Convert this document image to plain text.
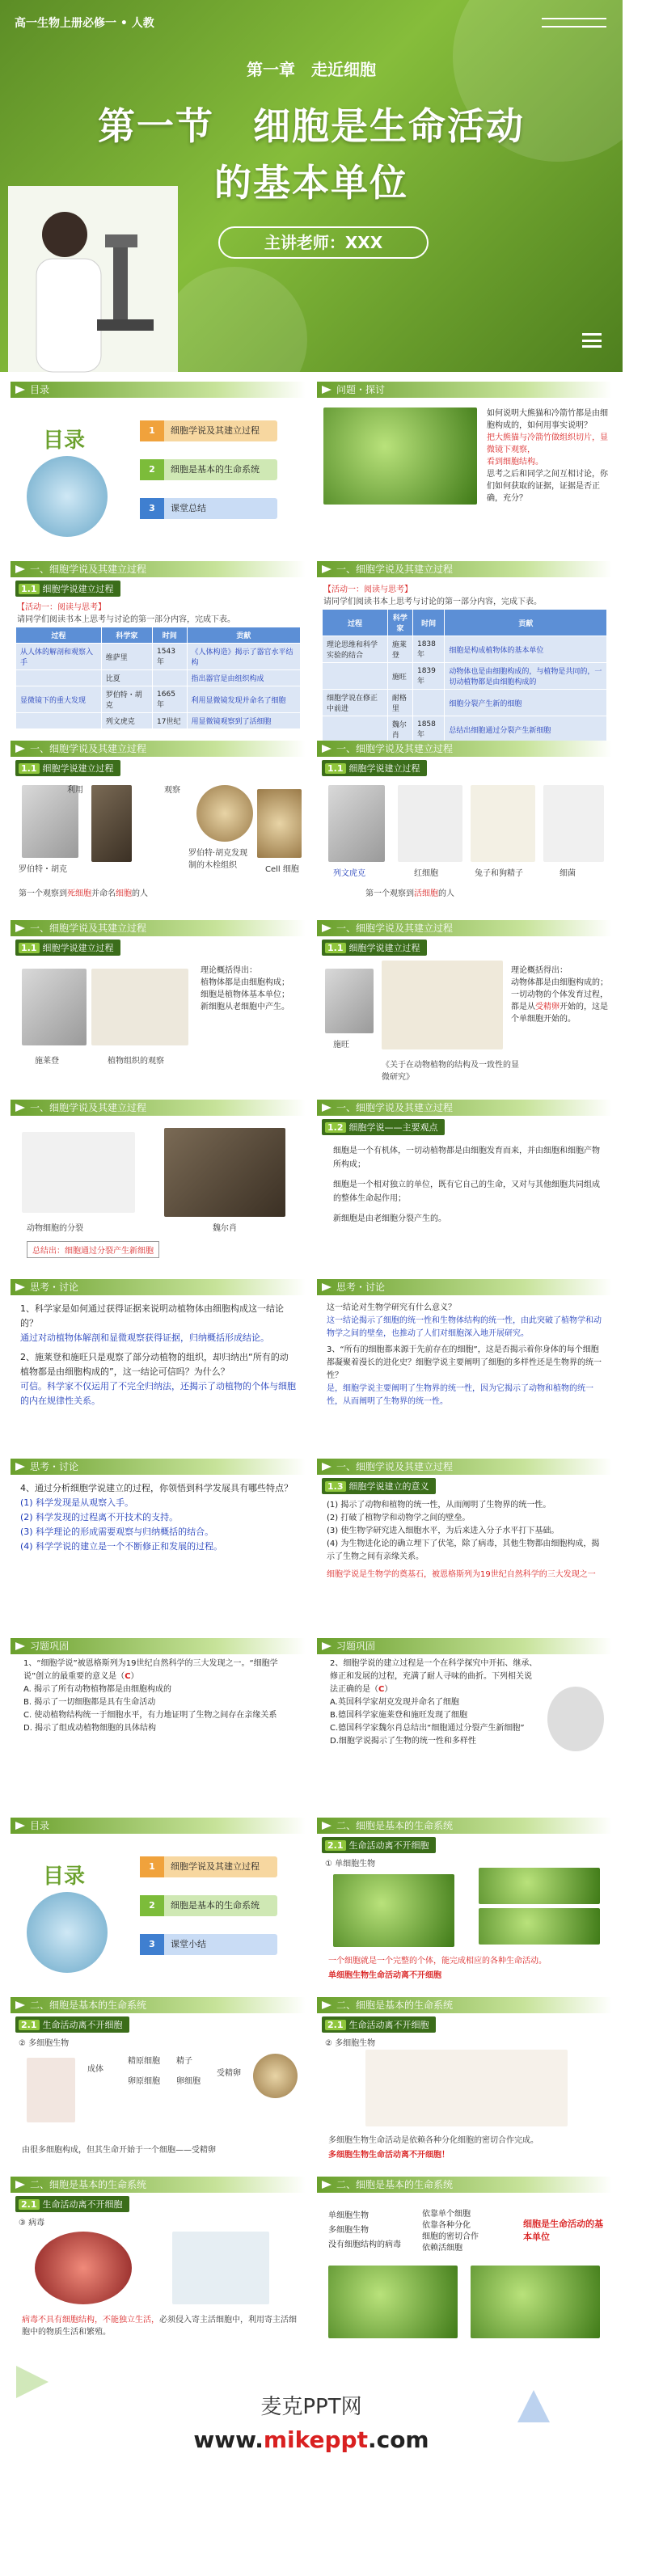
高一生物上册必修一 • 人教
第一章　走近细胞
第一节　细胞是生命活动
的基本单位
主讲老师：XXX
目录
目录	1	细胞学说及其建立过程
2	细胞是基本的生命系统
3	课堂总结
问题・探讨
如何说明大熊猫和冷箭竹都是由细胞构成的，如何用事实说明？
把大熊猫与冷箭竹做组织切片，显微镜下观察，
看到细胞结构。
思考之后和同学之间互相讨论，你们如何获取的证据，证据是否正确，充分？
一、细胞学说及其建立过程
1.1 细胞学说建立过程
【活动一：阅读与思考】
请同学们阅读书本上思考与讨论的第一部分内容，完成下表。
过程	科学家	时间	贡献
从人体的解剖和观察入手	维萨里	1543年	《人体构造》揭示了器官水平结构
	比夏		指出器官是由组织构成
显微镜下的重大发现	罗伯特・胡克	1665年	利用显微镜发现并命名了细胞
	列文虎克	17世纪	用显微镜观察到了活细胞
一、细胞学说及其建立过程
【活动一：阅读与思考】
请同学们阅读书本上思考与讨论的第一部分内容，完成下表。
过程	科学家	时间	贡献
理论思维和科学实验的结合	施莱登	1838年	细胞是构成植物体的基本单位
	施旺	1839年	动物体也是由细胞构成的，与植物是共同的，一切动植物都是由细胞构成的
细胞学说在修正中前进	耐格里		细胞分裂产生新的细胞
	魏尔肖	1858年	总结出细胞通过分裂产生新细胞
一、细胞学说及其建立过程
1.1 细胞学说建立过程
利用	观察
罗伯特・胡克
罗伯特·胡克发现制的木栓组织	Cell 细胞
第一个观察到死细胞并命名细胞的人
一、细胞学说及其建立过程
1.1 细胞学说建立过程
列文虎克	红细胞	兔子和狗精子	细菌
第一个观察到活细胞的人
一、细胞学说及其建立过程
1.1 细胞学说建立过程
理论概括得出：
植物体都是由细胞构成；
细胞是植物体基本单位；
新细胞从老细胞中产生。
施莱登	植物组织的观察
一、细胞学说及其建立过程
1.1 细胞学说建立过程
理论概括得出：
动物体都是由细胞构成的；一切动物的个体发育过程，都是从受精卵开始的，这是个单细胞开始的。
施旺
《关于在动物植物的结构及一致性的显微研究》
一、细胞学说及其建立过程
动物细胞的分裂	魏尔肖
总结出：细胞通过分裂产生新细胞
一、细胞学说及其建立过程
1.2 细胞学说——主要观点
细胞是一个有机体，一切动植物都是由细胞发育而来，并由细胞和细胞产物所构成；
细胞是一个相对独立的单位，既有它自己的生命，又对与其他细胞共同组成的整体生命起作用；
新细胞是由老细胞分裂产生的。
思考・讨论
1、科学家是如何通过获得证据来说明动植物体由细胞构成这一结论的？
通过对动植物体解剖和显微观察获得证据，归纳概括形成结论。
2、施莱登和施旺只是观察了部分动植物的组织，却归纳出“所有的动植物都是由细胞构成的”，这一结论可信吗？为什么？
可信。科学家不仅运用了不完全归纳法，还揭示了动植物的个体与细胞的内在规律性关系。
思考・讨论
这一结论对生物学研究有什么意义？
这一结论揭示了细胞的统一性和生物体结构的统一性，由此突破了植物学和动物学之间的壁垒，也推动了人们对细胞深入地开展研究。
3、“所有的细胞都来源于先前存在的细胞”，这是否揭示着你身体的每个细胞都凝聚着漫长的进化史？细胞学说主要阐明了细胞的多样性还是生物界的统一性？
是，细胞学说主要阐明了生物界的统一性，因为它揭示了动物和植物的统一性，从而阐明了生物界的统一性。
思考・讨论
4、通过分析细胞学说建立的过程，你领悟到科学发展具有哪些特点？
(1) 科学发现是从观察入手。
(2) 科学发现的过程离不开技术的支持。
(3) 科学理论的形成需要观察与归纳概括的结合。
(4) 科学学说的建立是一个不断修正和发展的过程。
一、细胞学说及其建立过程
1.3 细胞学说建立的意义
(1) 揭示了动物和植物的统一性，从而阐明了生物界的统一性。
(2) 打破了植物学和动物学之间的壁垒。
(3) 使生物学研究进入细胞水平，为后来进入分子水平打下基础。
(4) 为生物进化论的确立埋下了伏笔，除了病毒，其他生物都由细胞构成，揭示了生物之间有亲缘关系。
细胞学说是生物学的奠基石，被恩格斯列为19世纪自然科学的三大发现之一
习题巩固
1、“细胞学说”被恩格斯列为19世纪自然科学的三大发现之一。“细胞学说”创立的最重要的意义是（C）
A. 揭示了所有动物植物都是由细胞构成的
B. 揭示了一切细胞都是具有生命活动
C. 使动植物结构统一于细胞水平，有力地证明了生物之间存在亲缘关系
D. 揭示了组成动植物细胞的具体结构
习题巩固
2、细胞学说的建立过程是一个在科学探究中开拓、继承、修正和发展的过程，充满了耐人寻味的曲折。下列相关说法正确的是（C）
A.英国科学家胡克发现并命名了细胞
B.德国科学家施莱登和施旺发现了细胞
C.德国科学家魏尔肖总结出“细胞通过分裂产生新细胞”
D.细胞学说揭示了生物的统一性和多样性
目录
目录	1	细胞学说及其建立过程
2	细胞是基本的生命系统
3	课堂小结
二、细胞是基本的生命系统
2.1 生命活动离不开细胞
① 单细胞生物
一个细胞就是一个完整的个体，能完成相应的各种生命活动。
单细胞生物生命活动离不开细胞
二、细胞是基本的生命系统
2.1 生命活动离不开细胞
② 多细胞生物
成体
精原细胞 精子
卵原细胞 卵细胞
受精卵
由很多细胞构成，但其生命开始于一个细胞——受精卵
二、细胞是基本的生命系统
2.1 生命活动离不开细胞
② 多细胞生物
多细胞生物生命活动是依赖各种分化细胞的密切合作完成。
多细胞生物生命活动离不开细胞！
二、细胞是基本的生命系统
2.1 生命活动离不开细胞
③ 病毒
病毒不具有细胞结构，不能独立生活，必须侵入寄主活细胞中，利用寄主活细胞中的物质生活和繁殖。
二、细胞是基本的生命系统
单细胞生物
多细胞生物
没有细胞结构的病毒
依靠单个细胞
依靠各种分化
细胞的密切合作
依赖活细胞
细胞是生命活动的基本单位
麦克PPT网
www.mikeppt.com
